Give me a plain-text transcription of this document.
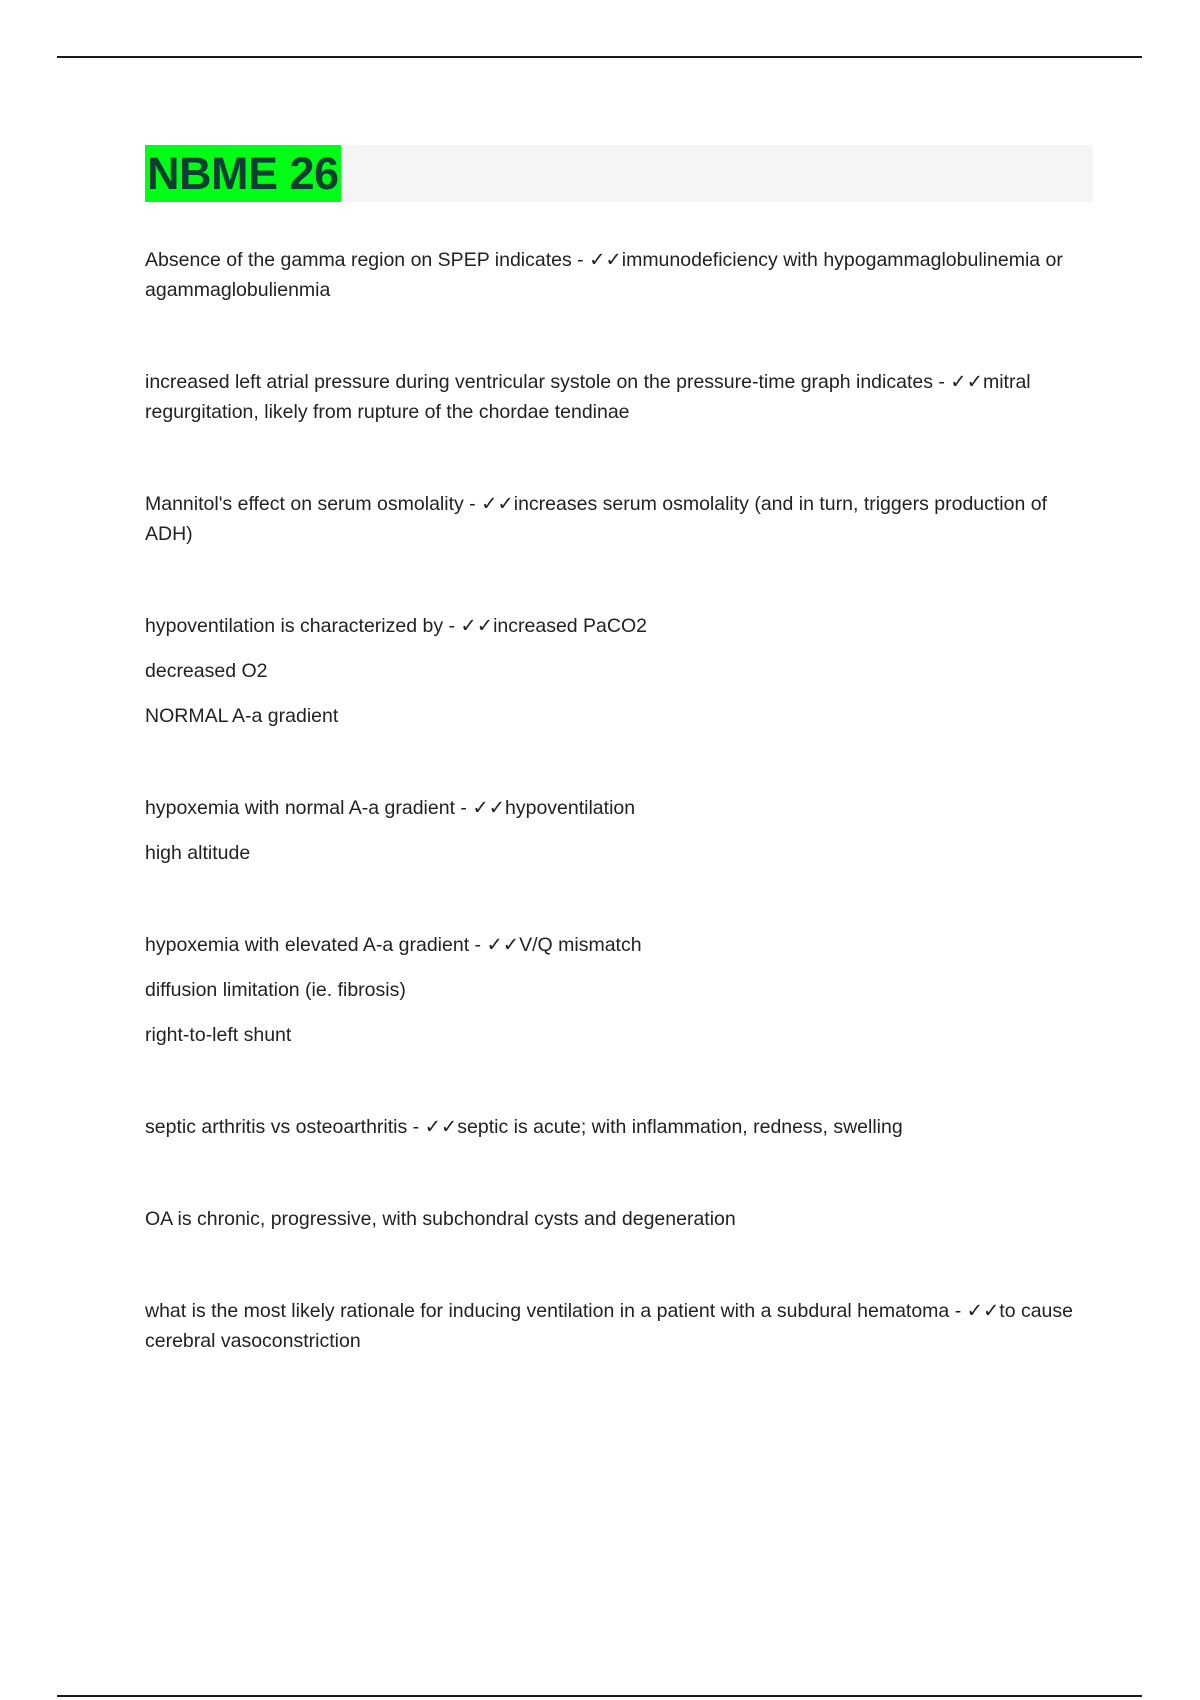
NBME 26

Absence of the gamma region on SPEP indicates - ✓✓immunodeficiency with hypogammaglobulinemia or agammaglobulienmia

increased left atrial pressure during ventricular systole on the pressure-time graph indicates - ✓✓mitral regurgitation, likely from rupture of the chordae tendinae

Mannitol's effect on serum osmolality - ✓✓increases serum osmolality (and in turn, triggers production of ADH)

hypoventilation is characterized by - ✓✓increased PaCO2

decreased O2

NORMAL A-a gradient

hypoxemia with normal A-a gradient - ✓✓hypoventilation

high altitude

hypoxemia with elevated A-a gradient - ✓✓V/Q mismatch

diffusion limitation (ie. fibrosis)

right-to-left shunt

septic arthritis vs osteoarthritis - ✓✓septic is acute; with inflammation, redness, swelling

OA is chronic, progressive, with subchondral cysts and degeneration

what is the most likely rationale for inducing ventilation in a patient with a subdural hematoma - ✓✓to cause cerebral vasoconstriction
